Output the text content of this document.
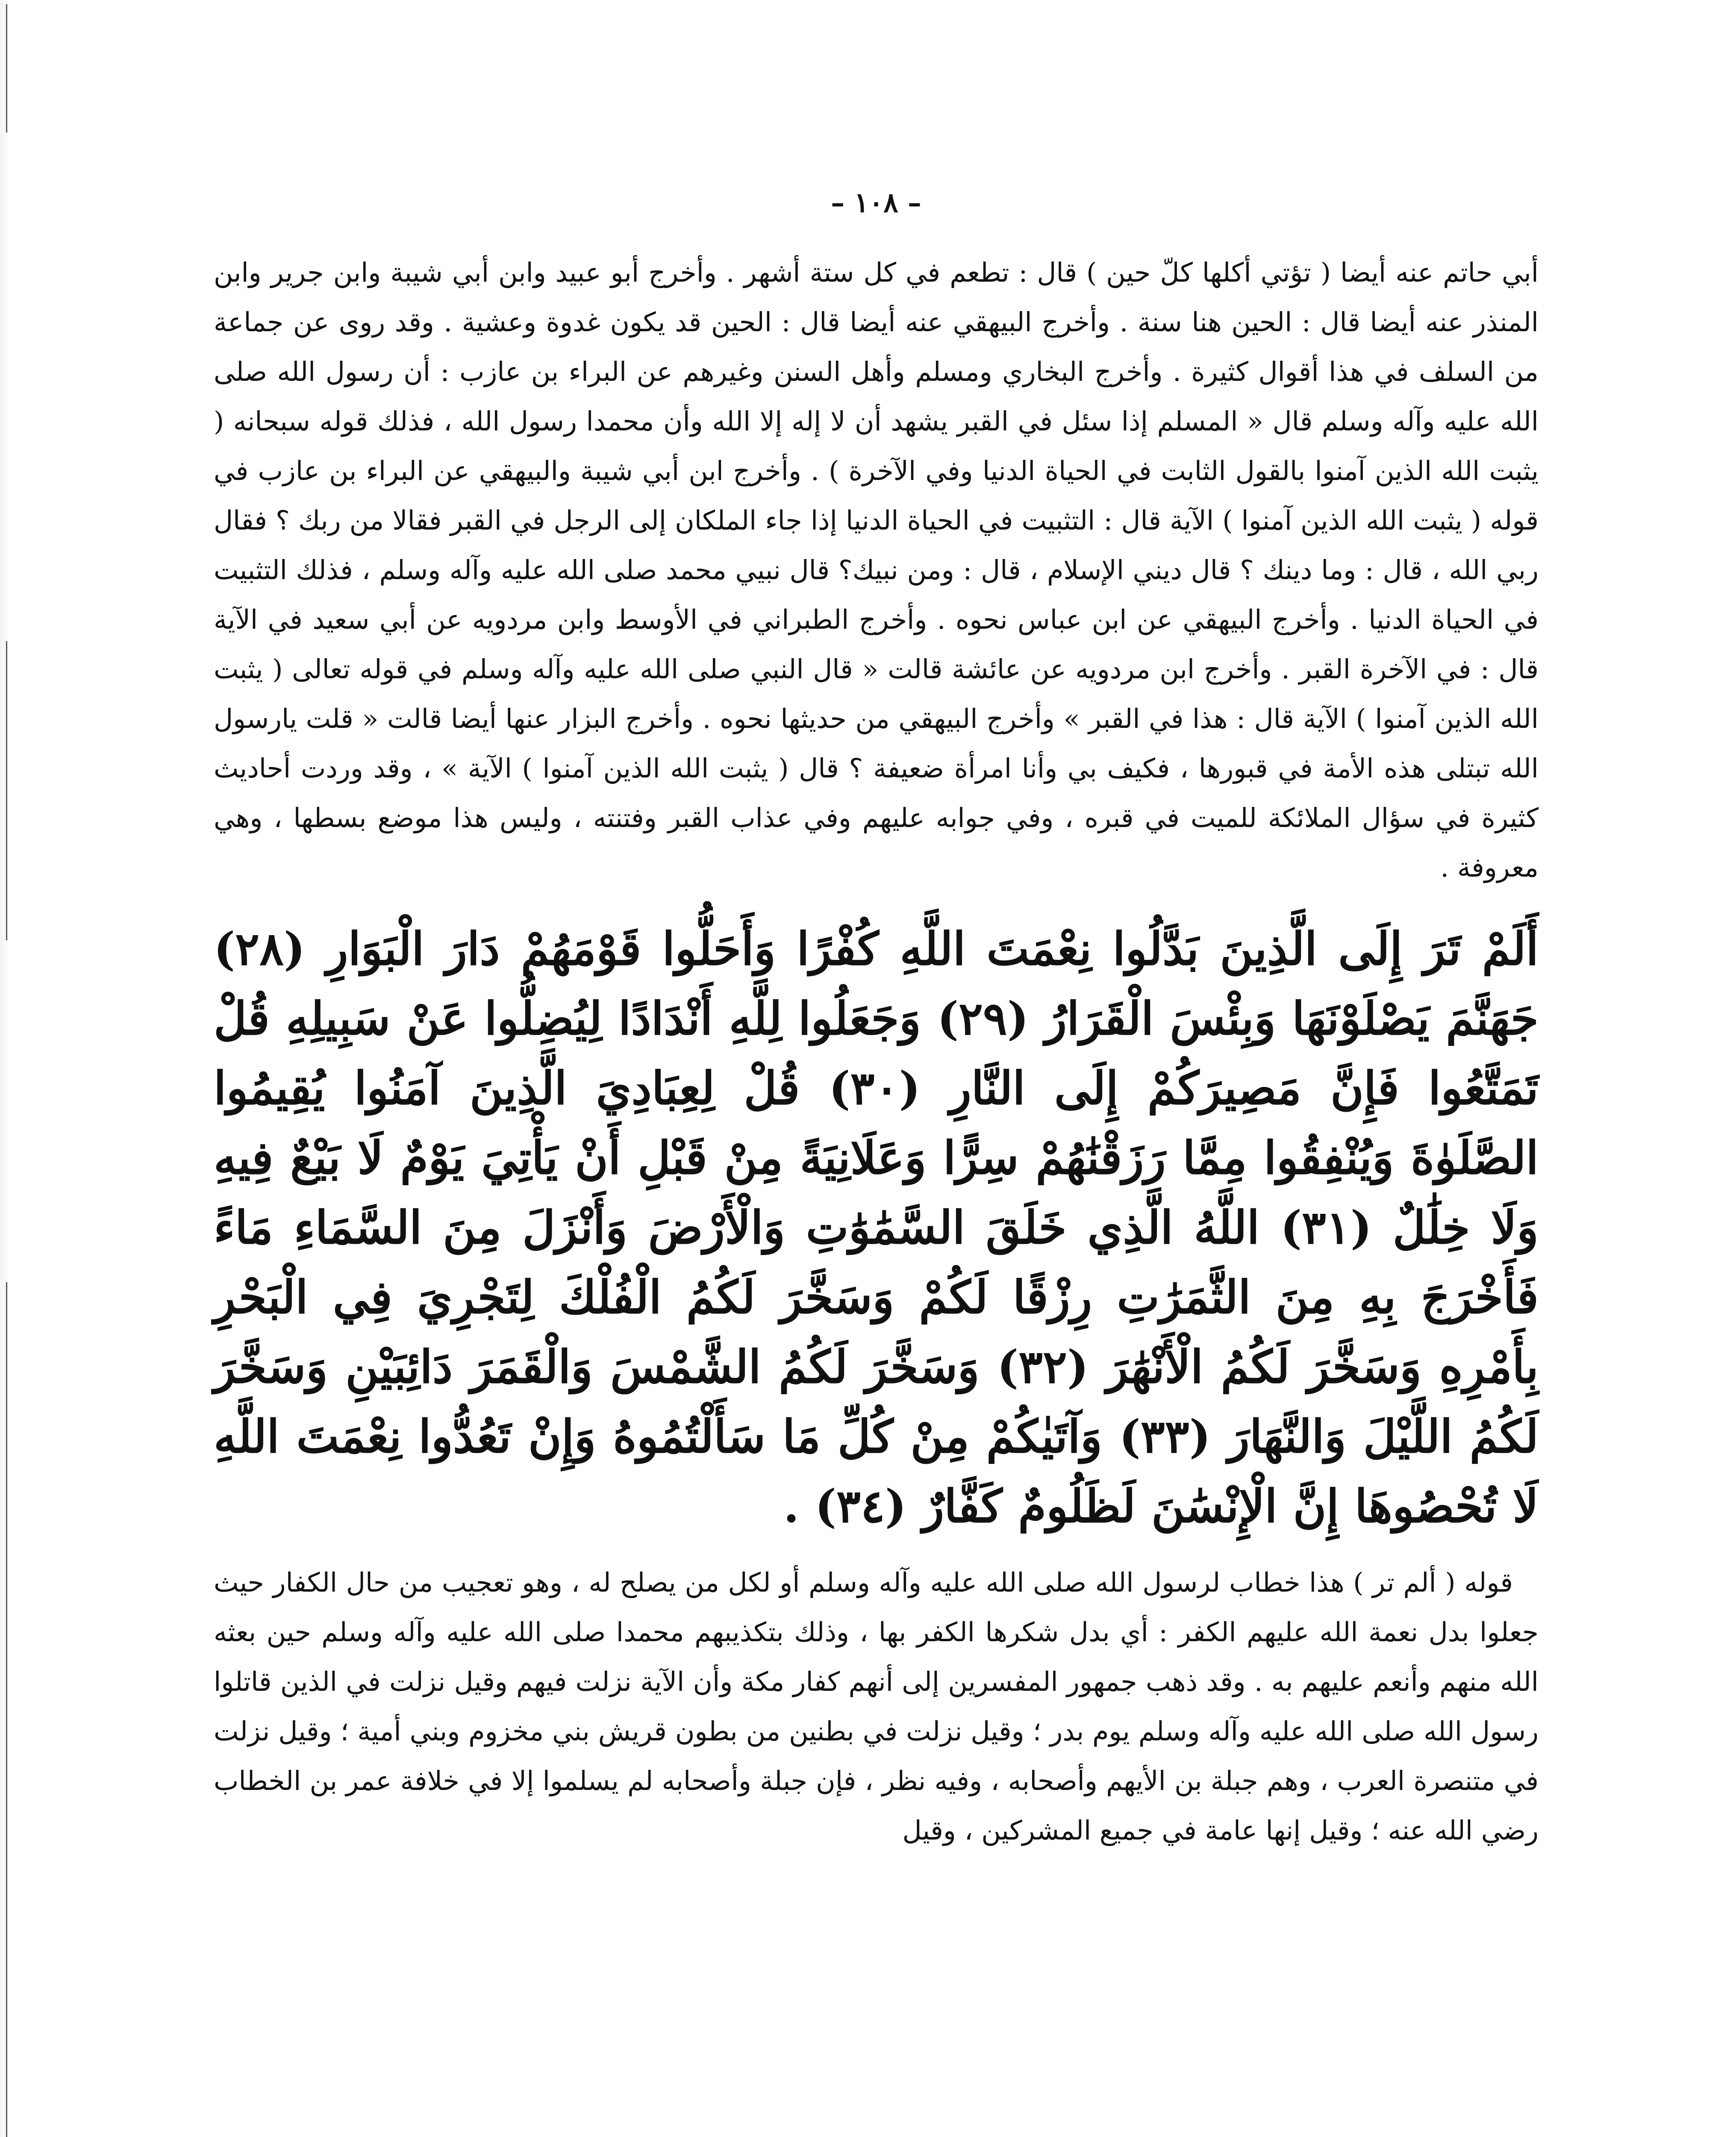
– ١٠٨ –

أبي حاتم عنه أيضا ( تؤتي أكلها كلّ حين ) قال : تطعم في كل ستة أشهر . وأخرج أبو عبيد وابن أبي شيبة وابن جرير وابن المنذر عنه أيضا قال : الحين هنا سنة . وأخرج البيهقي عنه أيضا قال : الحين قد يكون غدوة وعشية . وقد روى عن جماعة من السلف في هذا أقوال كثيرة . وأخرج البخاري ومسلم وأهل السنن وغيرهم عن البراء بن عازب : أن رسول الله صلى الله عليه وآله وسلم قال « المسلم إذا سئل في القبر يشهد أن لا إله إلا الله وأن محمدا رسول الله ، فذلك قوله سبحانه ( يثبت الله الذين آمنوا بالقول الثابت في الحياة الدنيا وفي الآخرة ) . وأخرج ابن أبي شيبة والبيهقي عن البراء بن عازب في قوله ( يثبت الله الذين آمنوا ) الآية قال : التثبيت في الحياة الدنيا إذا جاء الملكان إلى الرجل في القبر فقالا من ربك ؟ فقال ربي الله ، قال : وما دينك ؟ قال ديني الإسلام ، قال : ومن نبيك؟ قال نبيي محمد صلى الله عليه وآله وسلم ، فذلك التثبيت في الحياة الدنيا . وأخرج البيهقي عن ابن عباس نحوه . وأخرج الطبراني في الأوسط وابن مردويه عن أبي سعيد في الآية قال : في الآخرة القبر . وأخرج ابن مردويه عن عائشة قالت « قال النبي صلى الله عليه وآله وسلم في قوله تعالى ( يثبت الله الذين آمنوا ) الآية قال : هذا في القبر » وأخرج البيهقي من حديثها نحوه . وأخرج البزار عنها أيضا قالت « قلت يارسول الله تبتلى هذه الأمة في قبورها ، فكيف بي وأنا امرأة ضعيفة ؟ قال ( يثبت الله الذين آمنوا ) الآية » ، وقد وردت أحاديث كثيرة في سؤال الملائكة للميت في قبره ، وفي جوابه عليهم وفي عذاب القبر وفتنته ، وليس هذا موضع بسطها ، وهي معروفة .

أَلَمْ تَرَ إِلَى الَّذِينَ بَدَّلُوا نِعْمَتَ اللَّهِ كُفْرًا وَأَحَلُّوا قَوْمَهُمْ دَارَ الْبَوَارِ (٢٨) جَهَنَّمَ يَصْلَوْنَهَا وَبِئْسَ الْقَرَارُ (٢٩) وَجَعَلُوا لِلَّهِ أَنْدَادًا لِيُضِلُّوا عَنْ سَبِيلِهِ قُلْ تَمَتَّعُوا فَإِنَّ مَصِيرَكُمْ إِلَى النَّارِ (٣٠) قُلْ لِعِبَادِيَ الَّذِينَ آمَنُوا يُقِيمُوا الصَّلَوٰةَ وَيُنْفِقُوا مِمَّا رَزَقْنَٰهُمْ سِرًّا وَعَلَانِيَةً مِنْ قَبْلِ أَنْ يَأْتِيَ يَوْمٌ لَا بَيْعٌ فِيهِ وَلَا خِلَٰلٌ (٣١) اللَّهُ الَّذِي خَلَقَ السَّمَٰوَٰتِ وَالْأَرْضَ وَأَنْزَلَ مِنَ السَّمَاءِ مَاءً فَأَخْرَجَ بِهِ مِنَ الثَّمَرَٰتِ رِزْقًا لَكُمْ وَسَخَّرَ لَكُمُ الْفُلْكَ لِتَجْرِيَ فِي الْبَحْرِ بِأَمْرِهِ وَسَخَّرَ لَكُمُ الْأَنْهَٰرَ (٣٢) وَسَخَّرَ لَكُمُ الشَّمْسَ وَالْقَمَرَ دَائِبَيْنِ وَسَخَّرَ لَكُمُ اللَّيْلَ وَالنَّهَارَ (٣٣) وَآتَيٰكُمْ مِنْ كُلِّ مَا سَأَلْتُمُوهُ وَإِنْ تَعُدُّوا نِعْمَتَ اللَّهِ لَا تُحْصُوهَا إِنَّ الْإِنْسَٰنَ لَظَلُومٌ كَفَّارٌ (٣٤) .

قوله ( ألم تر ) هذا خطاب لرسول الله صلى الله عليه وآله وسلم أو لكل من يصلح له ، وهو تعجيب من حال الكفار حيث جعلوا بدل نعمة الله عليهم الكفر : أي بدل شكرها الكفر بها ، وذلك بتكذيبهم محمدا صلى الله عليه وآله وسلم حين بعثه الله منهم وأنعم عليهم به . وقد ذهب جمهور المفسرين إلى أنهم كفار مكة وأن الآية نزلت فيهم وقيل نزلت في الذين قاتلوا رسول الله صلى الله عليه وآله وسلم يوم بدر ؛ وقيل نزلت في بطنين من بطون قريش بني مخزوم وبني أمية ؛ وقيل نزلت في متنصرة العرب ، وهم جبلة بن الأيهم وأصحابه ، وفيه نظر ، فإن جبلة وأصحابه لم يسلموا إلا في خلافة عمر بن الخطاب رضي الله عنه ؛ وقيل إنها عامة في جميع المشركين ، وقيل
